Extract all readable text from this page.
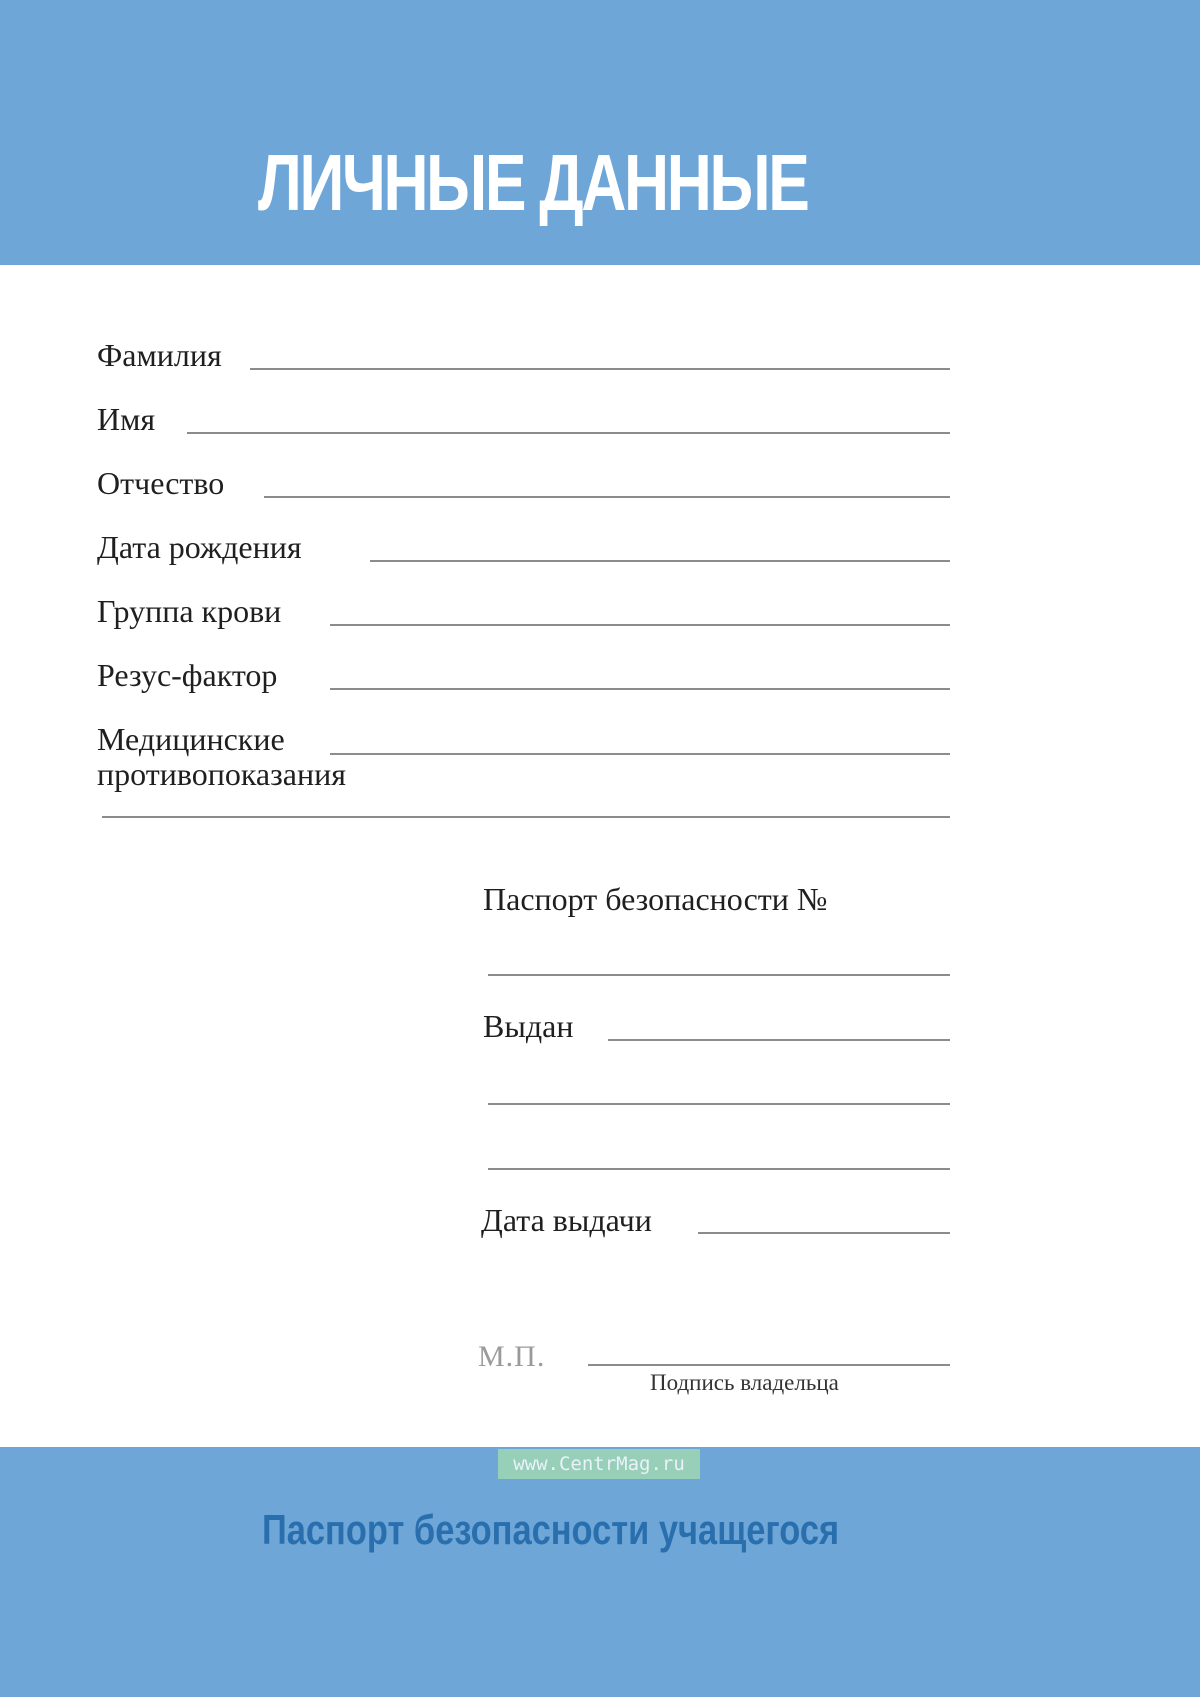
ЛИЧНЫЕ ДАННЫЕ
Фамилия
Имя
Отчество
Дата рождения
Группа крови
Резус-фактор
Медицинские
противопоказания
Паспорт безопасности №
Выдан
Дата выдачи
М.П.
Подпись владельца
www.CentrMag.ru
Паспорт безопасности учащегося
